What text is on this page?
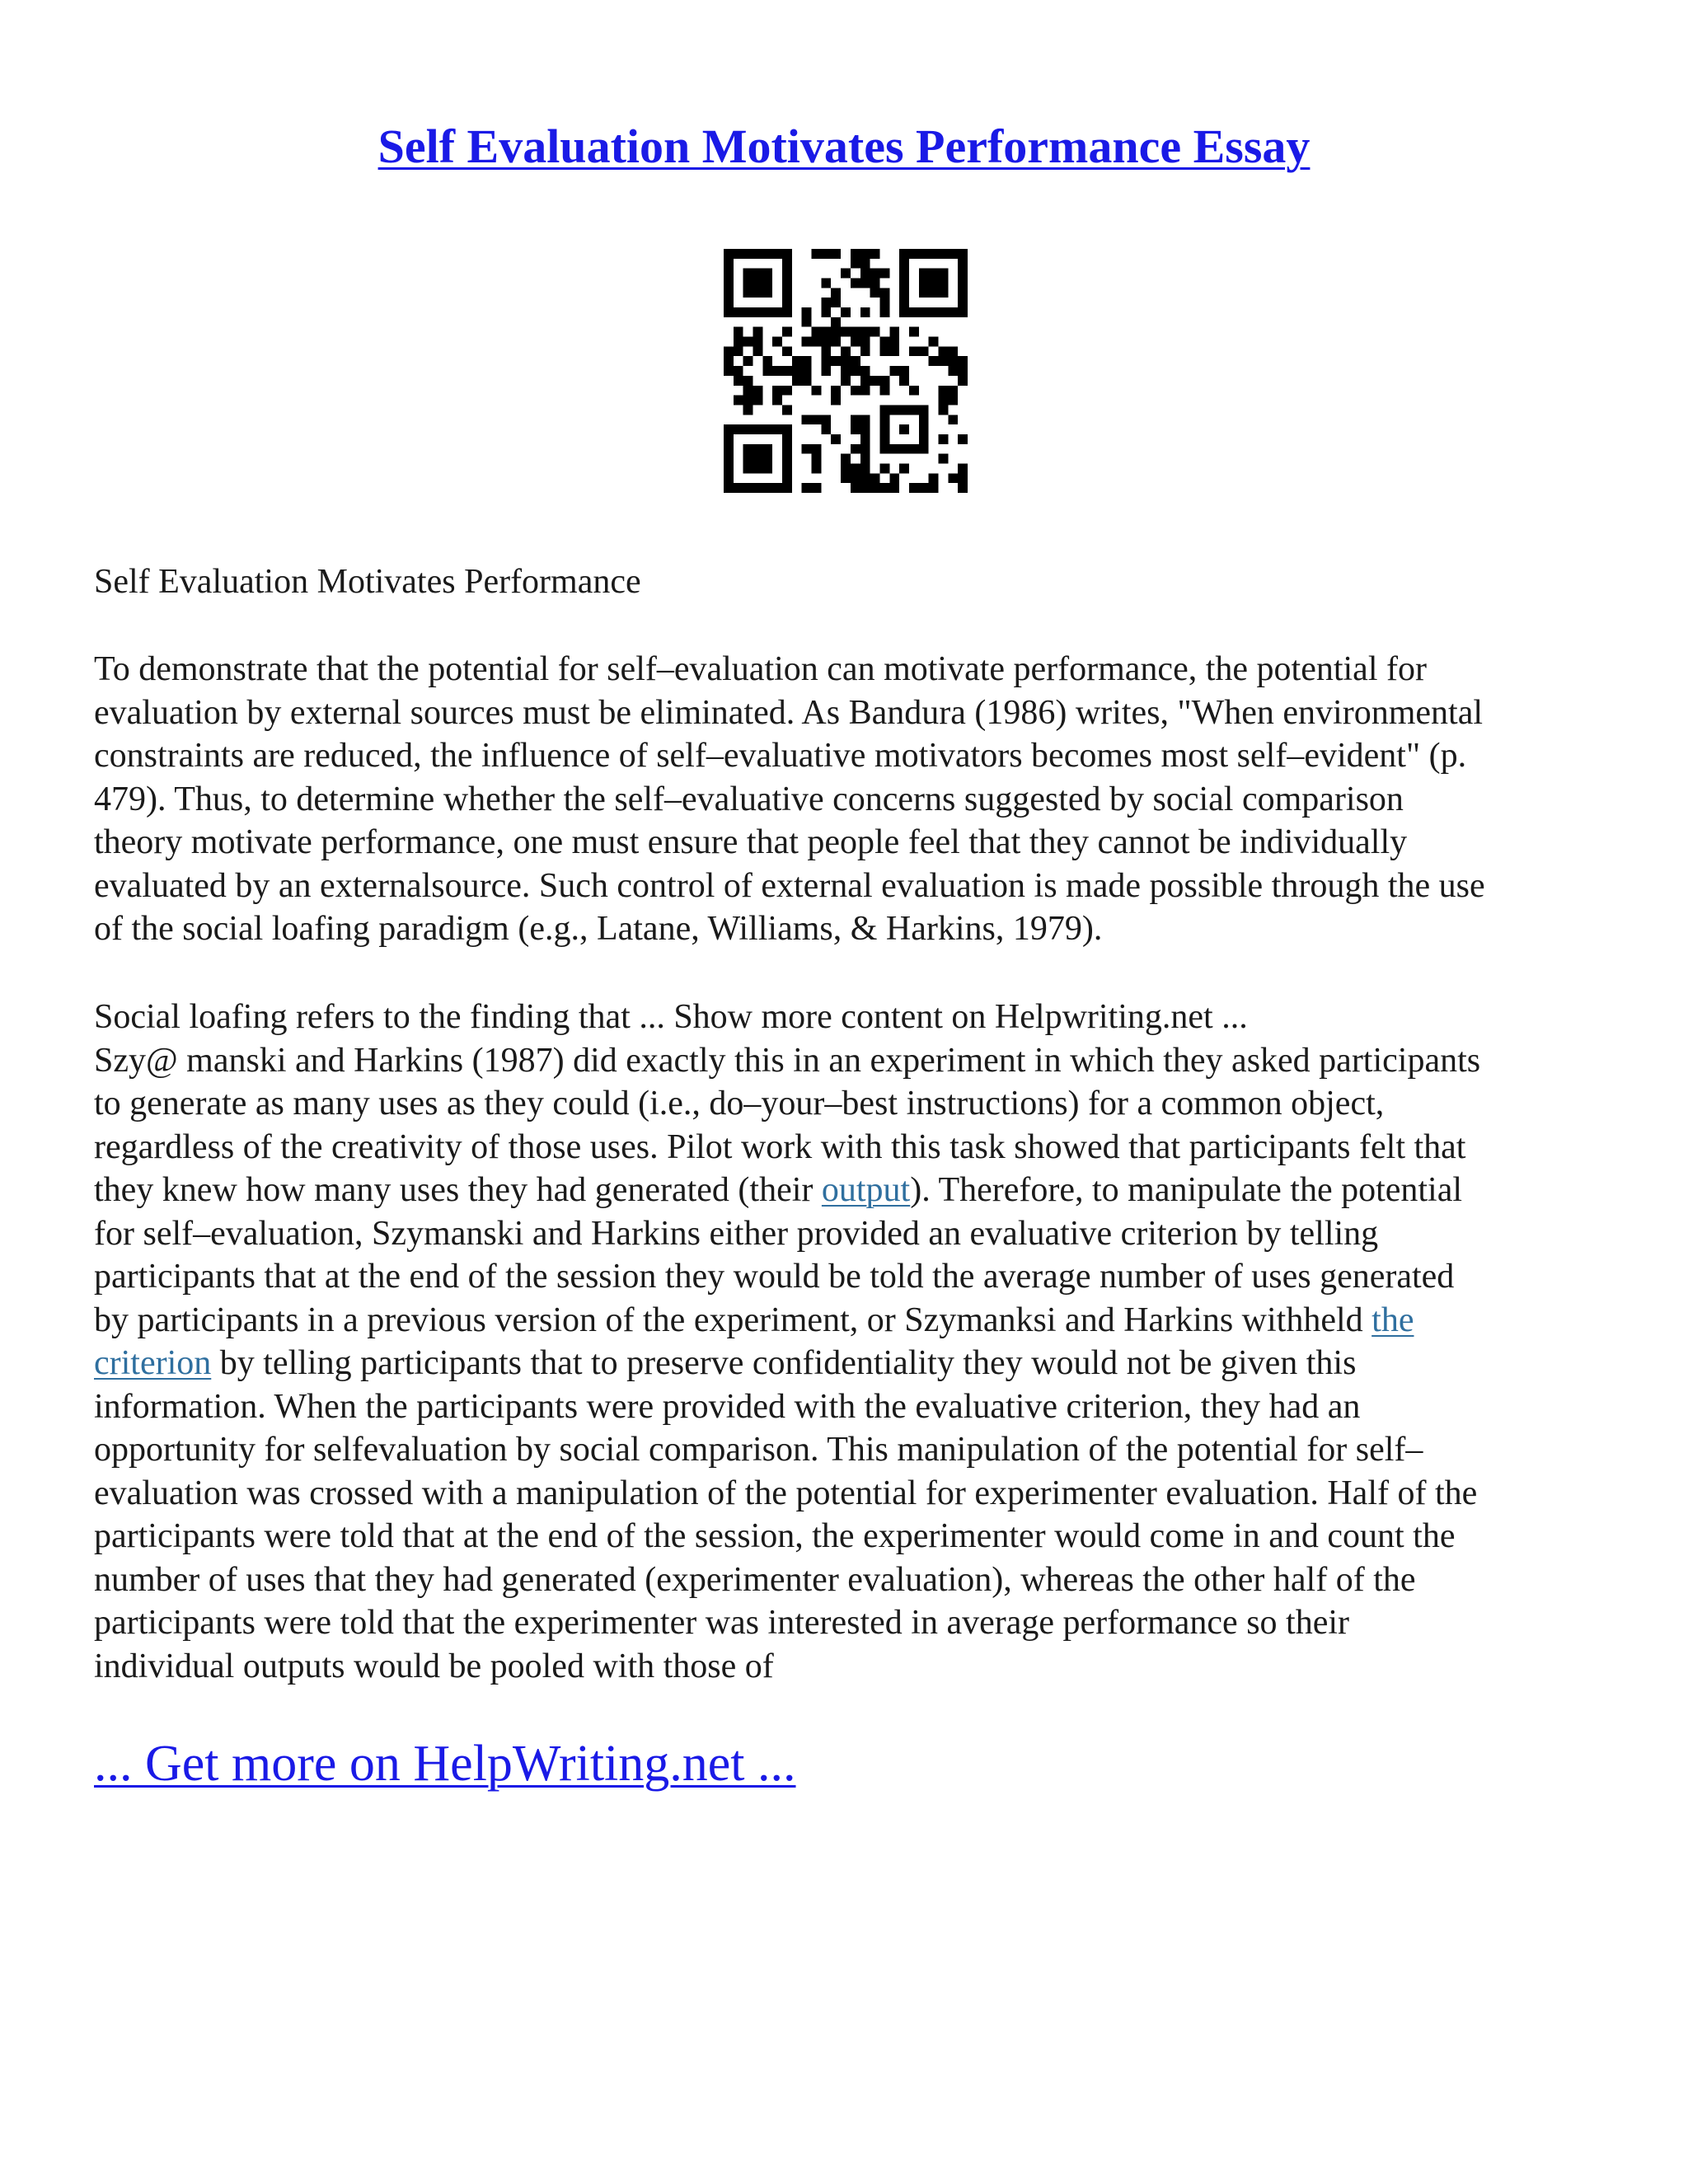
Self Evaluation Motivates Performance Essay

Self Evaluation Motivates Performance

To demonstrate that the potential for self–evaluation can motivate performance, the potential for
evaluation by external sources must be eliminated. As Bandura (1986) writes, "When environmental
constraints are reduced, the influence of self–evaluative motivators becomes most self–evident" (p.
479). Thus, to determine whether the self–evaluative concerns suggested by social comparison
theory motivate performance, one must ensure that people feel that they cannot be individually
evaluated by an externalsource. Such control of external evaluation is made possible through the use
of the social loafing paradigm (e.g., Latane, Williams, & Harkins, 1979).

Social loafing refers to the finding that ... Show more content on Helpwriting.net ...
Szy@ manski and Harkins (1987) did exactly this in an experiment in which they asked participants
to generate as many uses as they could (i.e., do–your–best instructions) for a common object,
regardless of the creativity of those uses. Pilot work with this task showed that participants felt that
they knew how many uses they had generated (their output). Therefore, to manipulate the potential
for self–evaluation, Szymanski and Harkins either provided an evaluative criterion by telling
participants that at the end of the session they would be told the average number of uses generated
by participants in a previous version of the experiment, or Szymanksi and Harkins withheld the
criterion by telling participants that to preserve confidentiality they would not be given this
information. When the participants were provided with the evaluative criterion, they had an
opportunity for selfevaluation by social comparison. This manipulation of the potential for self–
evaluation was crossed with a manipulation of the potential for experimenter evaluation. Half of the
participants were told that at the end of the session, the experimenter would come in and count the
number of uses that they had generated (experimenter evaluation), whereas the other half of the
participants were told that the experimenter was interested in average performance so their
individual outputs would be pooled with those of

... Get more on HelpWriting.net ...
